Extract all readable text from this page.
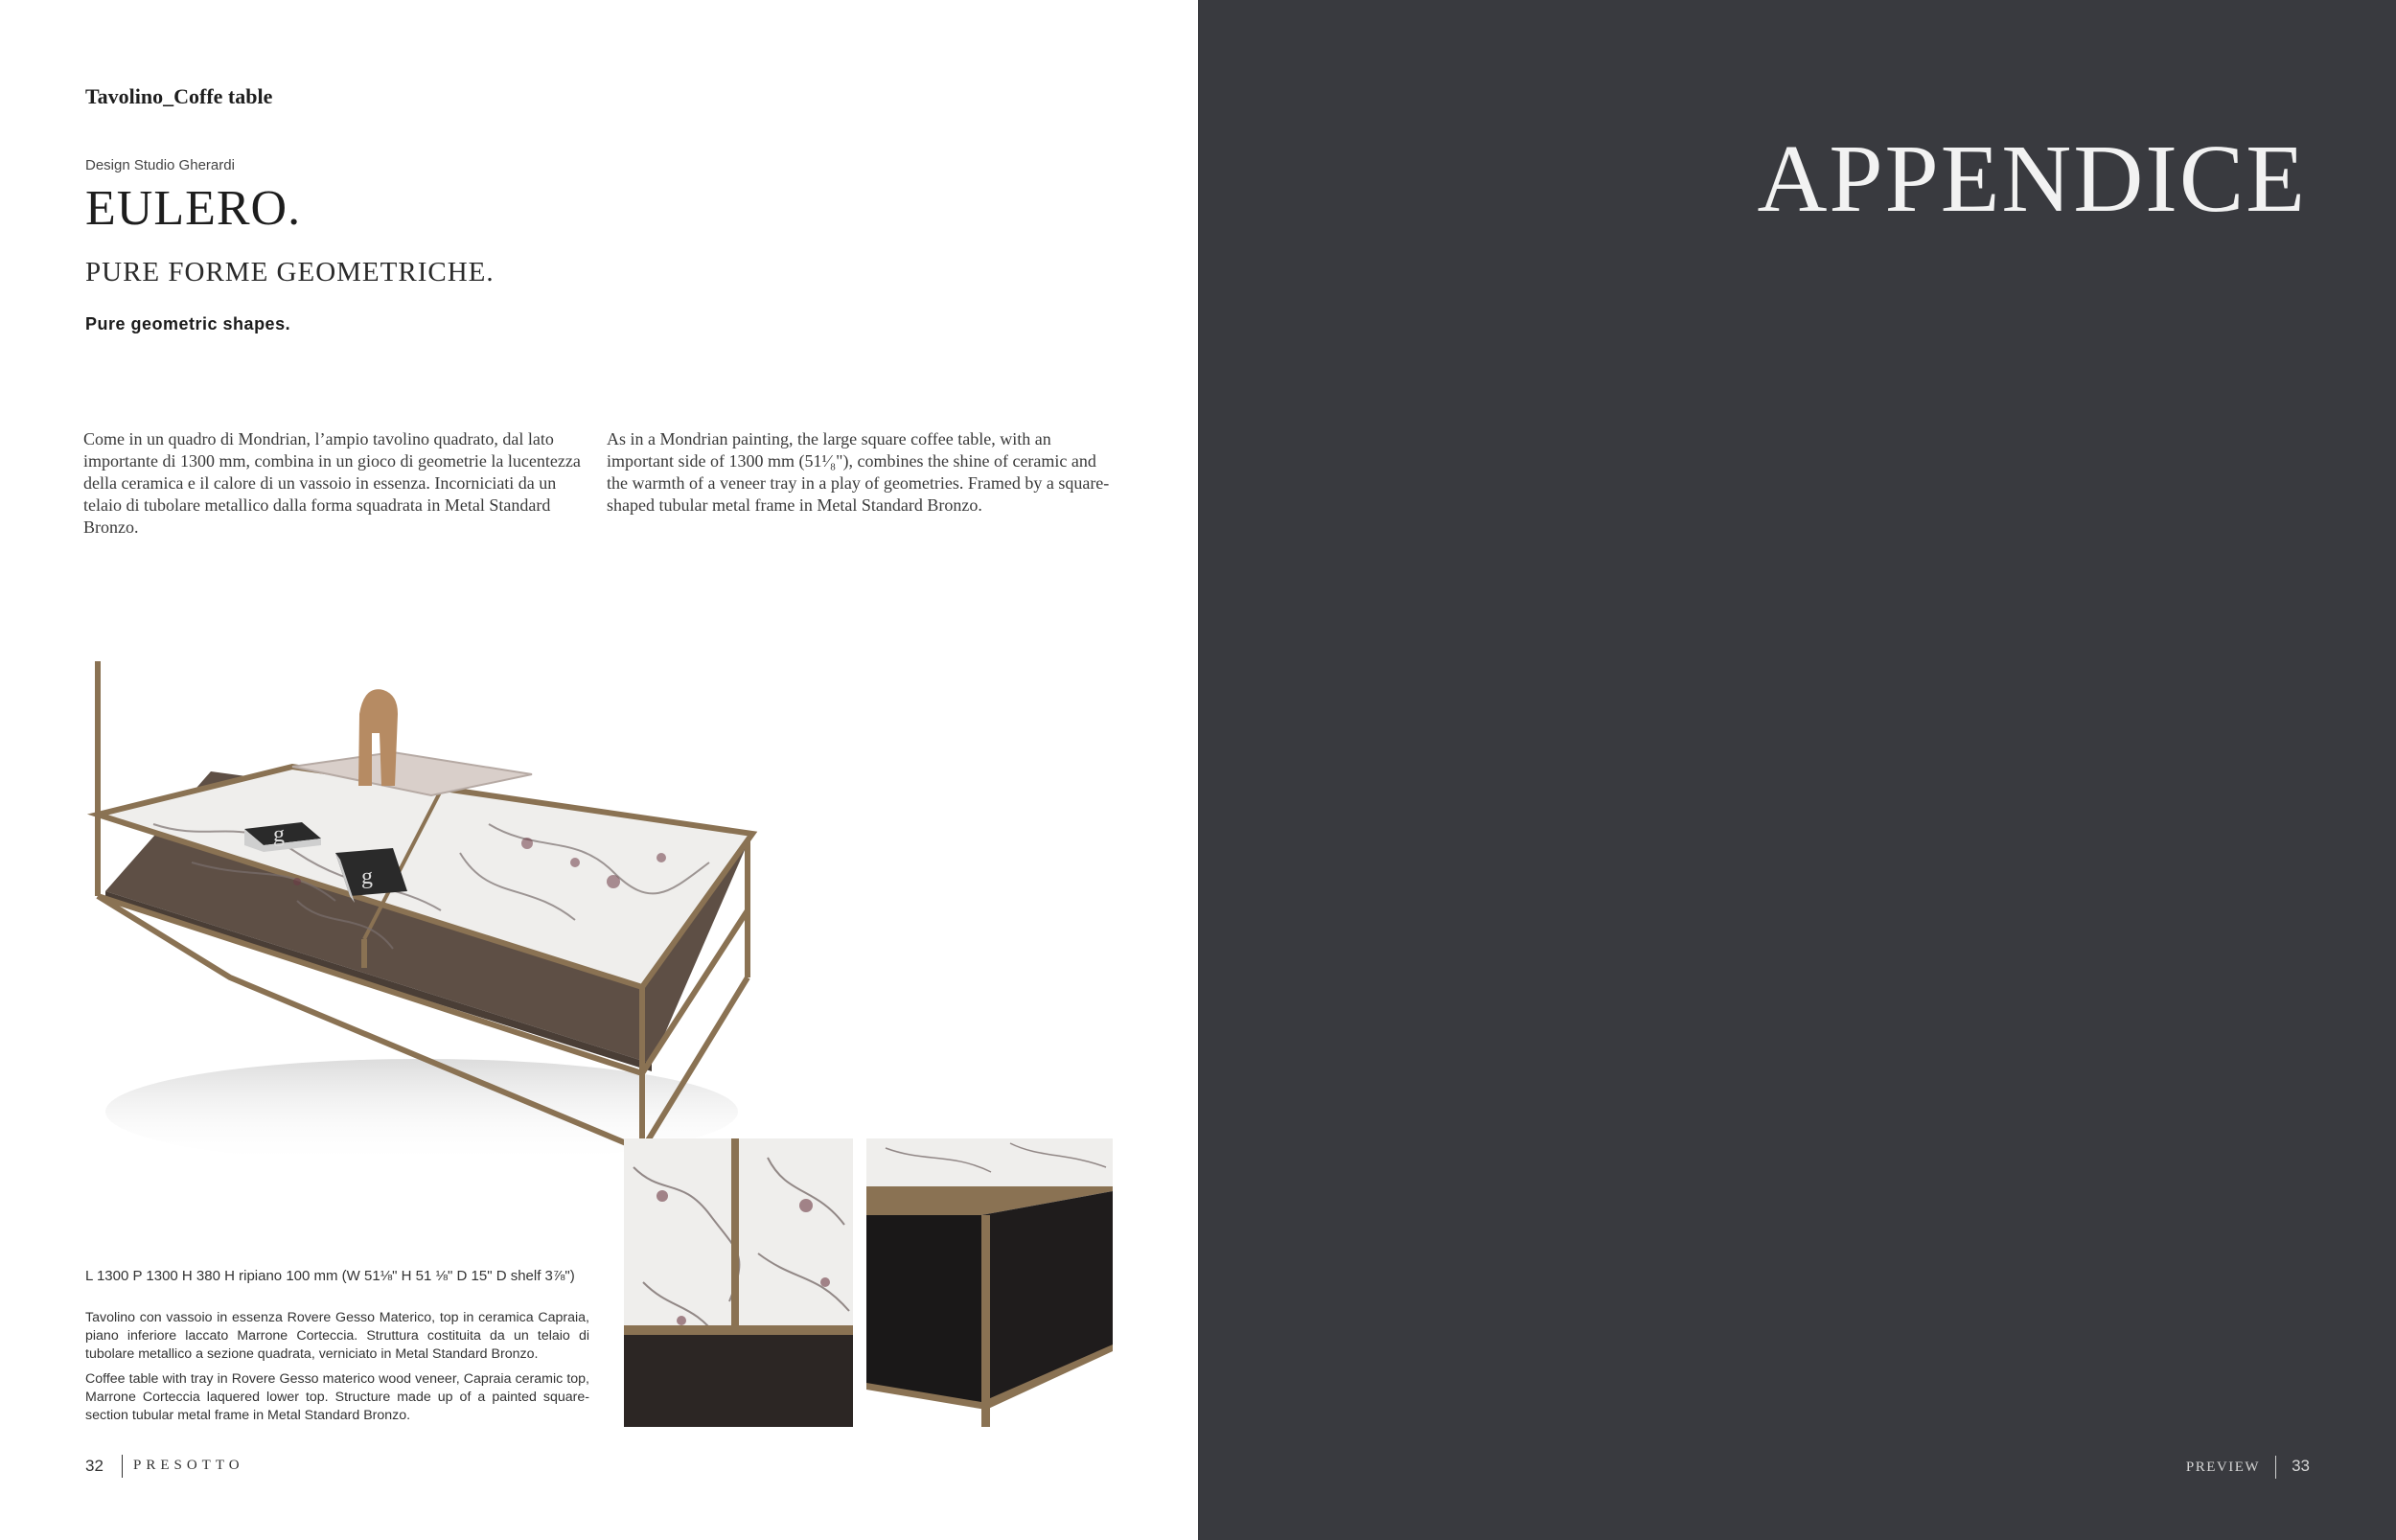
Tavolino_Coffe table
Design Studio Gherardi
EULERO.
PURE FORME GEOMETRICHE.
Pure geometric shapes.
Come in un quadro di Mondrian, l’ampio tavolino quadrato, dal lato importante di 1300 mm, combina in un gioco di geometrie la lucentezza della ceramica e il calore di un vassoio in essenza. Incorniciati da un telaio di tubolare metallico dalla forma squadrata in Metal Standard Bronzo.
As in a Mondrian painting, the large square coffee table, with an important side of 1300 mm (51¹⁄₈"), combines the shine of ceramic and the warmth of a veneer tray in a play of geometries. Framed by a square-shaped tubular metal frame in Metal Standard Bronzo.
g
g
L 1300 P 1300 H 380 H ripiano 100 mm (W 51⅛" H 51 ⅛" D 15" D shelf 3⅞")
Tavolino con vassoio in essenza Rovere Gesso Materico, top in ceramica Capraia, piano inferiore laccato Marrone Corteccia. Struttura costituita da un telaio di tubolare metallico a sezione quadrata, verniciato in Metal Standard Bronzo.
Coffee table with tray in Rovere Gesso materico wood veneer, Capraia ceramic top, Marrone Corteccia laquered lower top. Structure made up of a painted square-section tubular metal frame in Metal Standard Bronzo.
32 PRESOTTO
APPENDICE
PREVIEW 33
